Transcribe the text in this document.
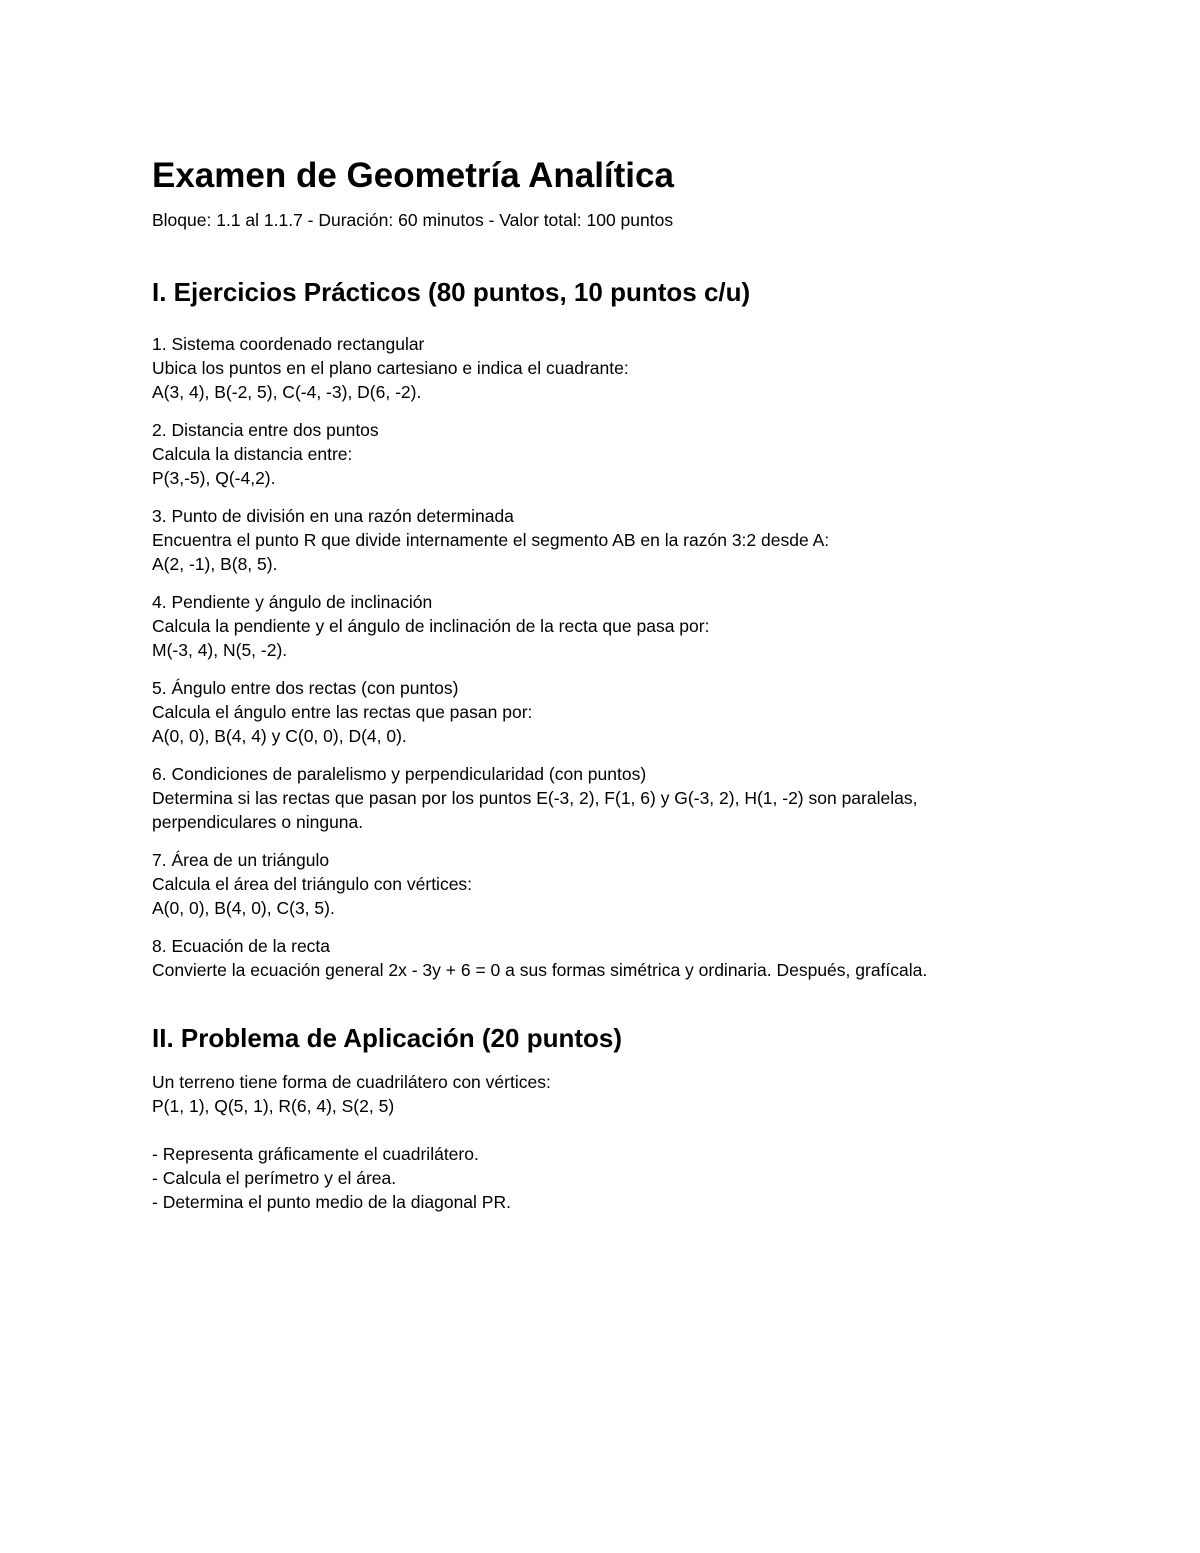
Examen de Geometría Analítica

Bloque: 1.1 al 1.1.7 - Duración: 60 minutos - Valor total: 100 puntos

I. Ejercicios Prácticos (80 puntos, 10 puntos c/u)
1. Sistema coordenado rectangular
Ubica los puntos en el plano cartesiano e indica el cuadrante:
A(3, 4), B(-2, 5), C(-4, -3), D(6, -2).
2. Distancia entre dos puntos
Calcula la distancia entre:
P(3,-5), Q(-4,2).
3. Punto de división en una razón determinada
Encuentra el punto R que divide internamente el segmento AB en la razón 3:2 desde A:
A(2, -1), B(8, 5).
4. Pendiente y ángulo de inclinación
Calcula la pendiente y el ángulo de inclinación de la recta que pasa por:
M(-3, 4), N(5, -2).
5. Ángulo entre dos rectas (con puntos)
Calcula el ángulo entre las rectas que pasan por:
A(0, 0), B(4, 4) y C(0, 0), D(4, 0).
6. Condiciones de paralelismo y perpendicularidad (con puntos)
Determina si las rectas que pasan por los puntos E(-3, 2), F(1, 6) y G(-3, 2), H(1, -2) son paralelas,
perpendiculares o ninguna.
7. Área de un triángulo
Calcula el área del triángulo con vértices:
A(0, 0), B(4, 0), C(3, 5).
8. Ecuación de la recta
Convierte la ecuación general 2x - 3y + 6 = 0 a sus formas simétrica y ordinaria. Después, grafícala.
II. Problema de Aplicación (20 puntos)
Un terreno tiene forma de cuadrilátero con vértices:
P(1, 1), Q(5, 1), R(6, 4), S(2, 5)
- Representa gráficamente el cuadrilátero.
- Calcula el perímetro y el área.
- Determina el punto medio de la diagonal PR.
